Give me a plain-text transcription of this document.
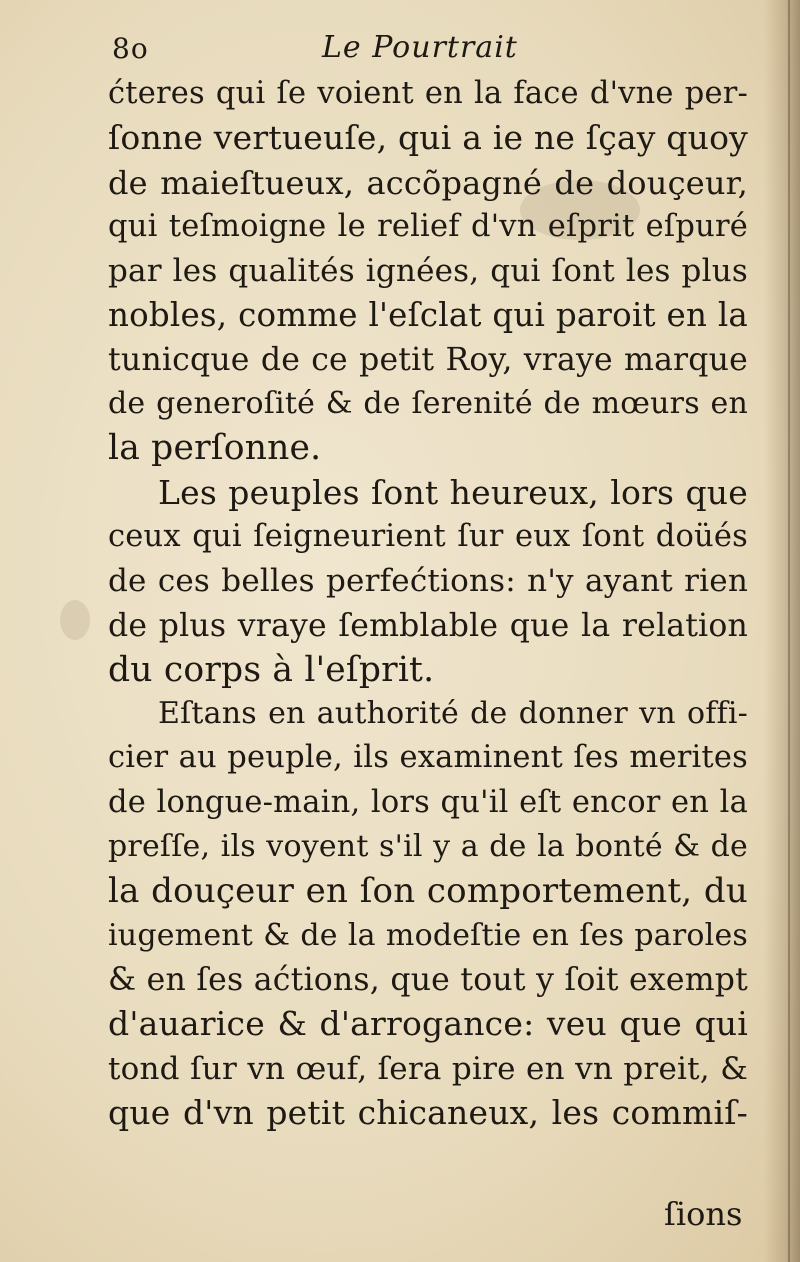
8o	Le Pourtrait
ćteres qui ſe voient en la face d'vne per-
ſonne vertueuſe, qui a ie ne ſçay quoy
de maieſtueux, accõpagné de douçeur,
qui teſmoigne le relief d'vn eſprit eſpuré
par les qualités ignées, qui ſont les plus
nobles, comme l'eſclat qui paroit en la
tunicque de ce petit Roy, vraye marque
de generoſité & de ſerenité de mœurs en
la perſonne.
Les peuples ſont heureux, lors que
ceux qui ſeigneurient ſur eux ſont doüés
de ces belles perfećtions: n'y ayant rien
de plus vraye ſemblable que la relation
du corps à l'eſprit.
Eſtans en authorité de donner vn offi-
cier au peuple, ils examinent ſes merites
de longue-main, lors qu'il eſt encor en la
preſſe, ils voyent s'il y a de la bonté & de
la douçeur en ſon comportement, du
iugement & de la modeſtie en ſes paroles
& en ſes aćtions, que tout y ſoit exempt
d'auarice & d'arrogance: veu que qui
tond ſur vn œuf, ſera pire en vn preit, &
que d'vn petit chicaneux, les commiſ-
ſions
